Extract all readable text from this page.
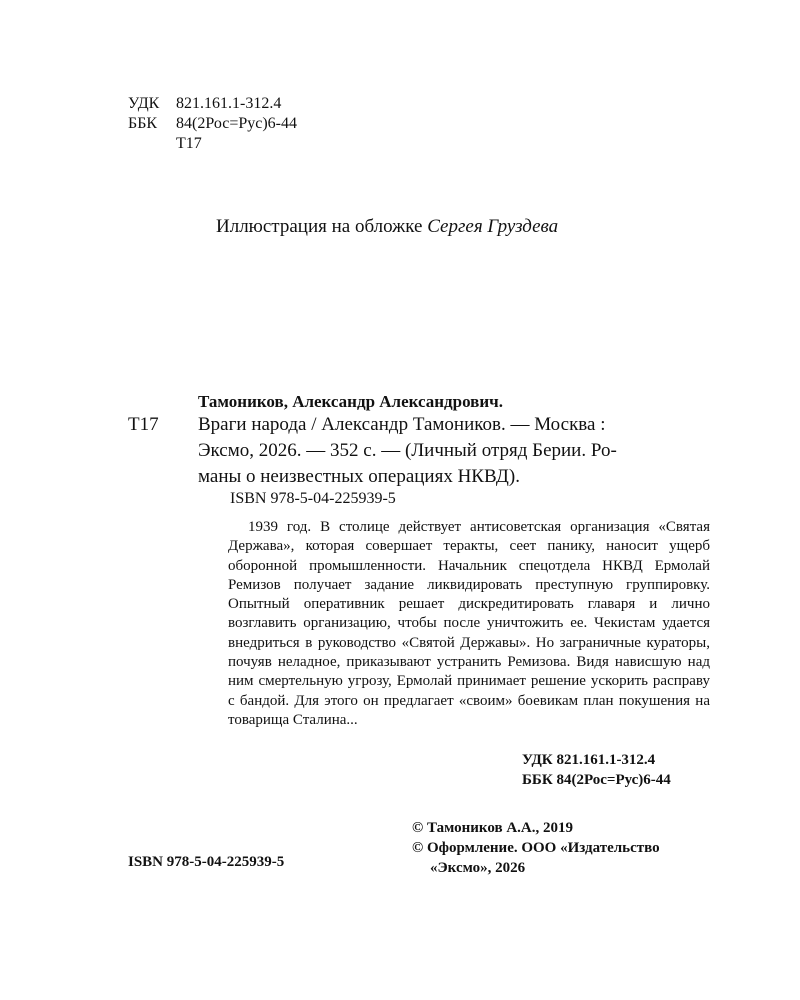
УДК 821.161.1-312.4
ББК 84(2Рос=Рус)6-44
Т17
Иллюстрация на обложке Сергея Груздева
Тамоников, Александр Александрович.
Т17 Враги народа / Александр Тамоников. — Москва :
Эксмо, 2026. — 352 с. — (Личный отряд Берии. Ро-
маны о неизвестных операциях НКВД).
ISBN 978-5-04-225939-5

1939 год. В столице действует антисоветская организация «Святая Держава», которая совершает теракты, сеет панику, наносит ущерб оборонной промышленности. Начальник спецотдела НКВД Ермолай Ремизов получает задание ликвидировать преступную группировку. Опытный оперативник решает дискредитировать главаря и лично возглавить организацию, чтобы после уничтожить ее. Чекистам удается внедриться в руководство «Святой Державы». Но заграничные кураторы, почуяв неладное, приказывают устранить Ремизова. Видя нависшую над ним смертельную угрозу, Ермолай принимает решение ускорить расправу с бандой. Для этого он предлагает «своим» боевикам план покушения на товарища Сталина...

УДК 821.161.1-312.4
ББК 84(2Рос=Рус)6-44
© Тамоников А.А., 2019
© Оформление. ООО «Издательство
«Эксмо», 2026
ISBN 978-5-04-225939-5
